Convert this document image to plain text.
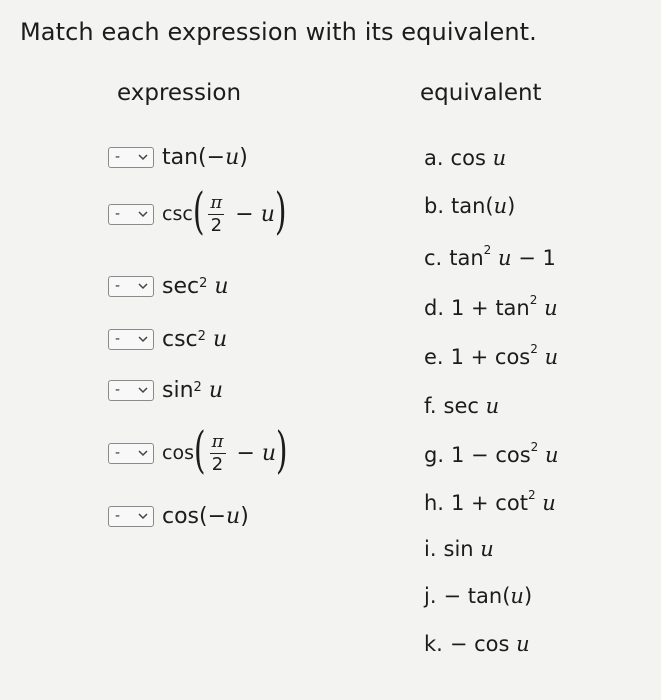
Match each expression with its equivalent.
expression	equivalent
- tan(− u )
- csc ( $\frac{\pi}{2} - u$ )
- $\sec^2$
u
- $\csc^2$
u
- $\sin^2$
u
- cos ( $\frac{\pi}{2} - u$ )
- cos(− u )
a. cos u
b. tan(u)
c. $\tan^2 u - 1$
d. $1 + \tan^2 u$
e. $1 + \cos^2 u$
f. sec u
g. $1 - \cos^2 u$
h. $1 + \cot^2 u$
i. sin u
j. − tan(u)
k. − cos u
